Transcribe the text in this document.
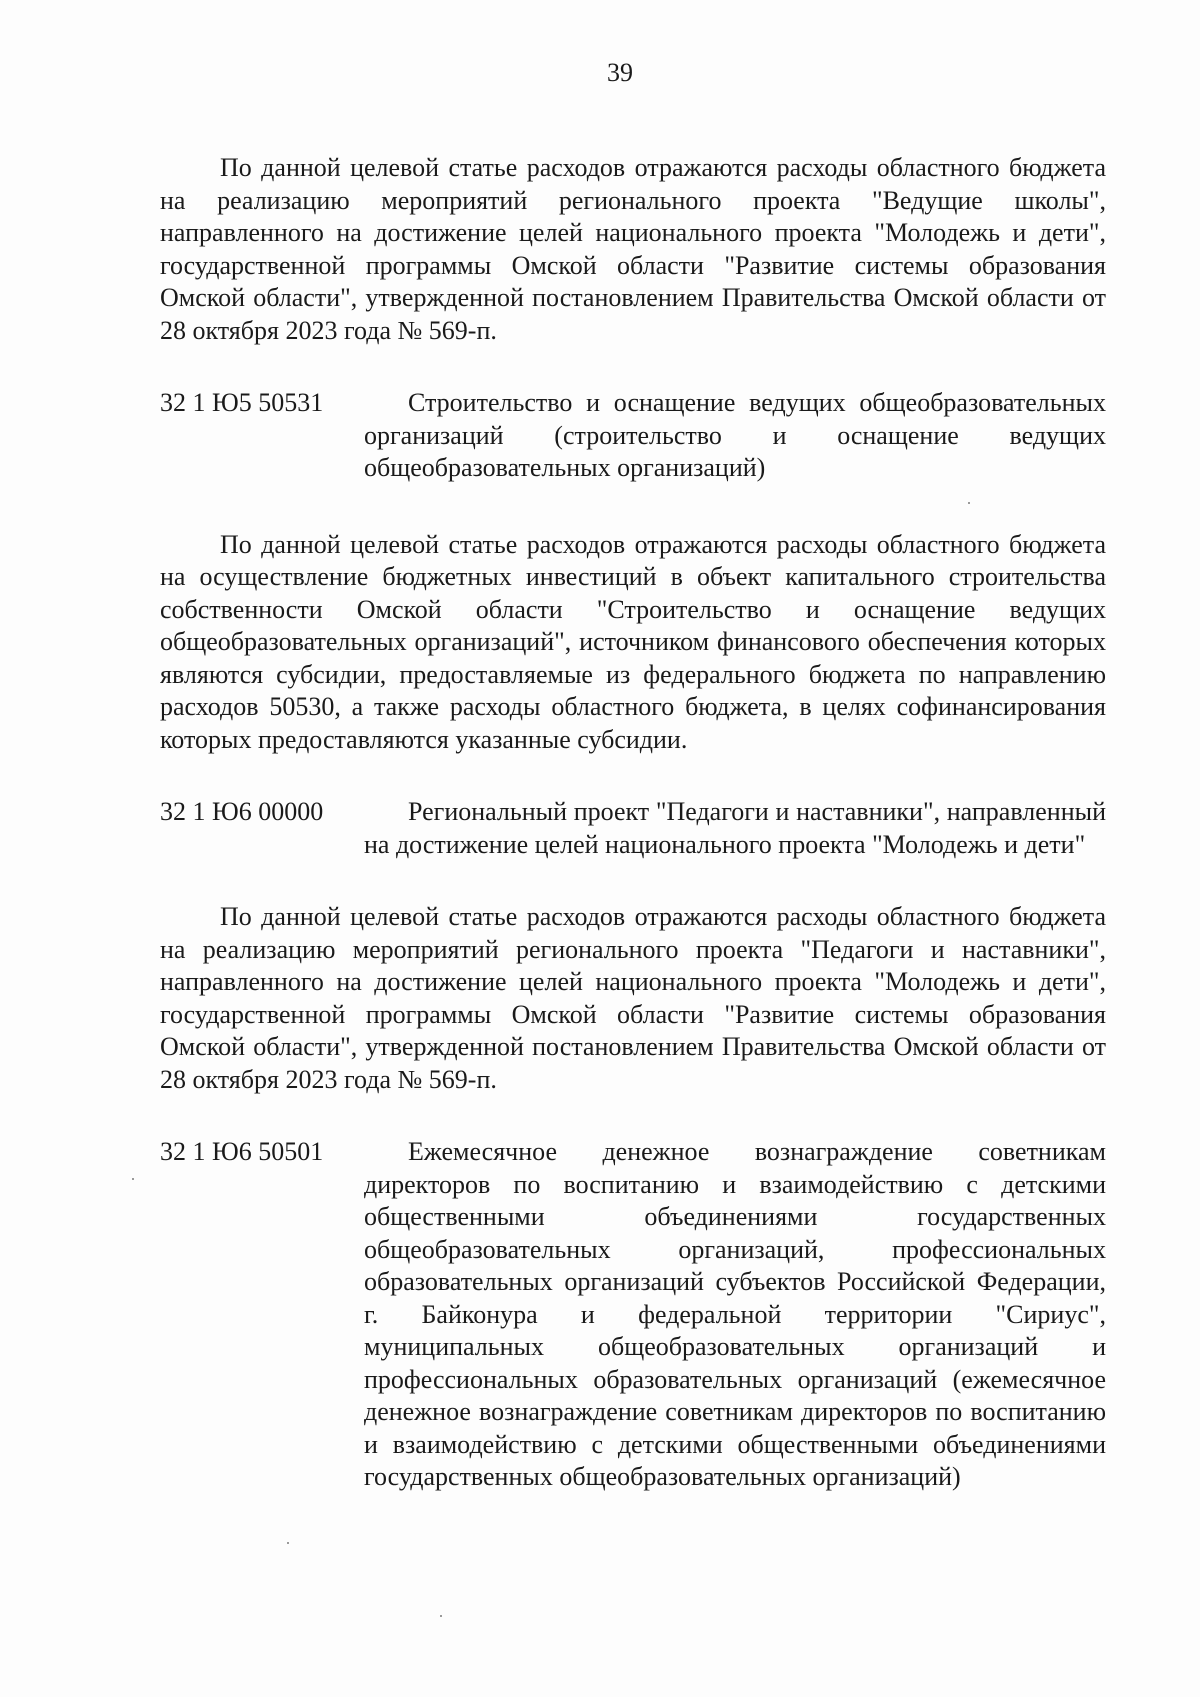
39

По данной целевой статье расходов отражаются расходы областного бюджета на реализацию мероприятий регионального проекта "Ведущие школы", направленного на достижение целей национального проекта "Молодежь и дети", государственной программы Омской области "Развитие системы образования Омской области", утвержденной постановлением Правительства Омской области от 28 октября 2023 года № 569-п.

32 1 Ю5 50531	Строительство и оснащение ведущих общеобразовательных организаций (строительство и оснащение ведущих общеобразовательных организаций)

По данной целевой статье расходов отражаются расходы областного бюджета на осуществление бюджетных инвестиций в объект капитального строительства собственности Омской области "Строительство и оснащение ведущих общеобразовательных организаций", источником финансового обеспечения которых являются субсидии, предоставляемые из федерального бюджета по направлению расходов 50530, а также расходы областного бюджета, в целях софинансирования которых предоставляются указанные субсидии.

32 1 Ю6 00000	Региональный проект "Педагоги и наставники", направленный на достижение целей национального проекта "Молодежь и дети"

По данной целевой статье расходов отражаются расходы областного бюджета на реализацию мероприятий регионального проекта "Педагоги и наставники", направленного на достижение целей национального проекта "Молодежь и дети", государственной программы Омской области "Развитие системы образования Омской области", утвержденной постановлением Правительства Омской области от 28 октября 2023 года № 569-п.

32 1 Ю6 50501	Ежемесячное денежное вознаграждение советникам директоров по воспитанию и взаимодействию с детскими общественными объединениями государственных общеобразовательных организаций, профессиональных образовательных организаций субъектов Российской Федерации, г. Байконура и федеральной территории "Сириус", муниципальных общеобразовательных организаций и профессиональных образовательных организаций (ежемесячное денежное вознаграждение советникам директоров по воспитанию и взаимодействию с детскими общественными объединениями государственных общеобразовательных организаций)
